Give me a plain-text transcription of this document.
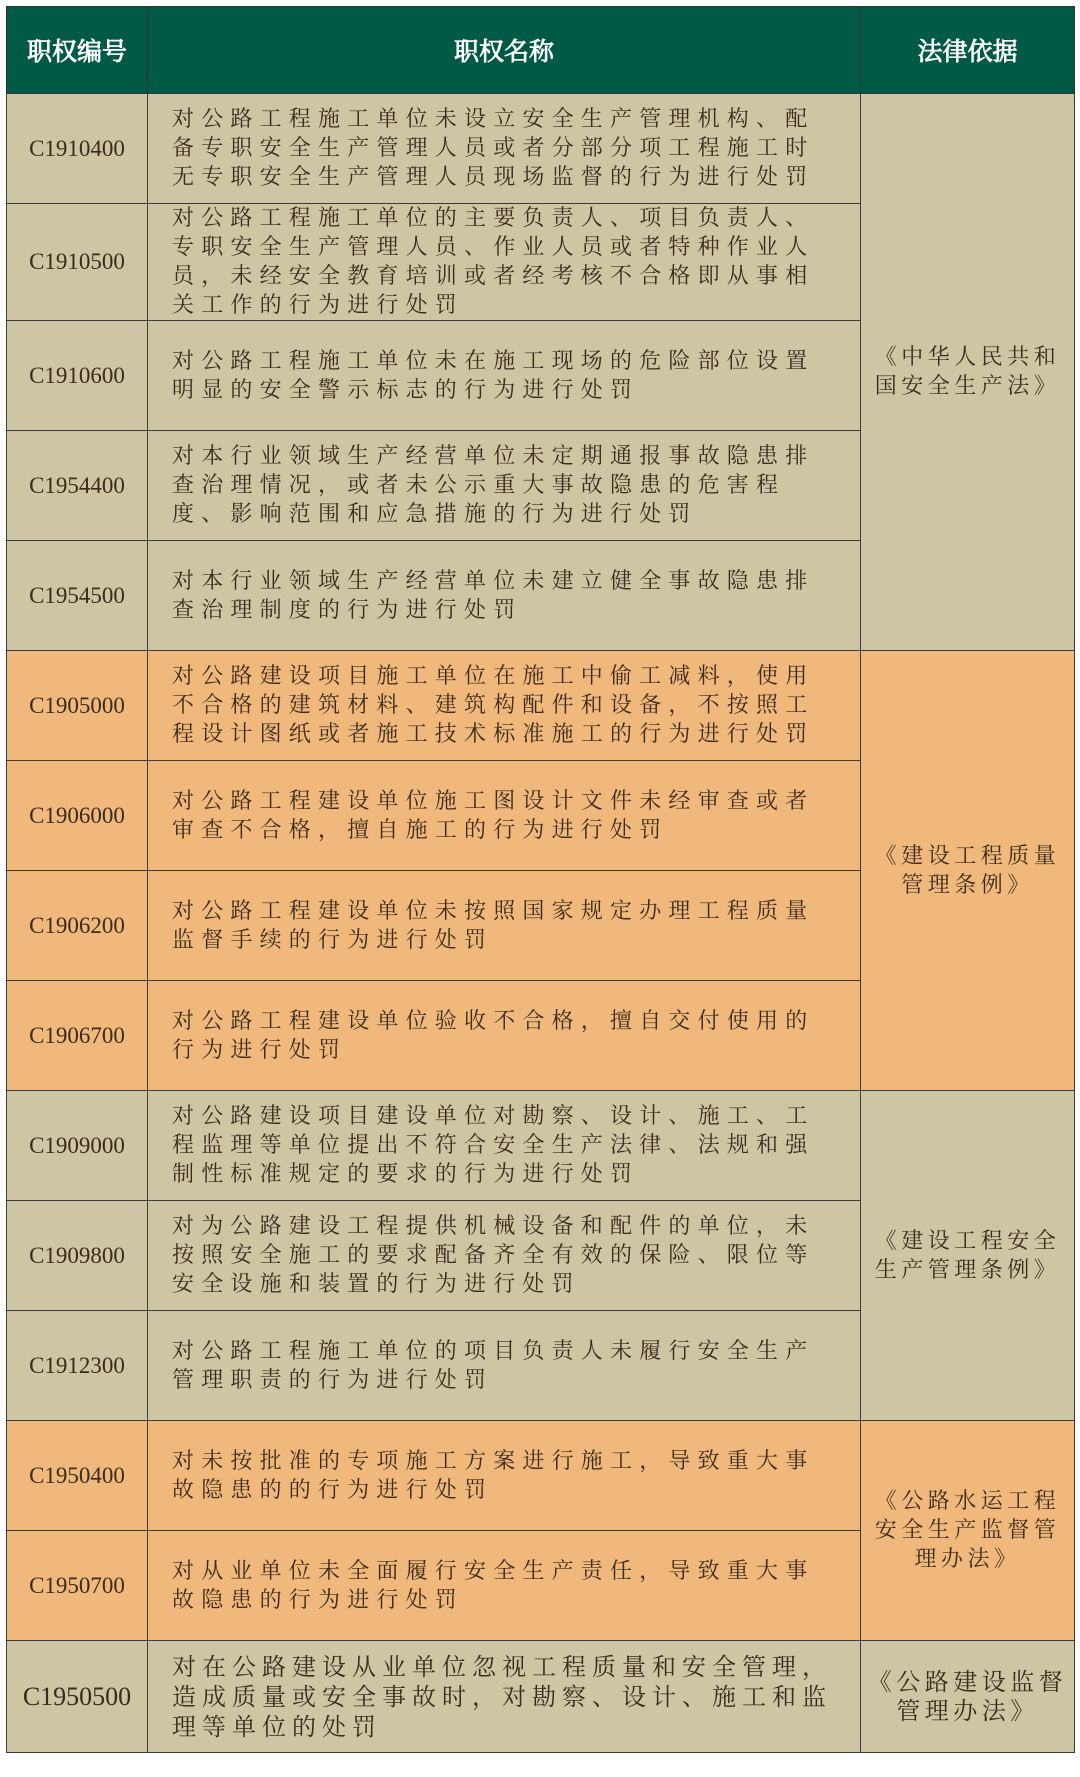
职权编号	职权名称	法律依据
C1910400	对公路工程施工单位未设立安全生产管理机构、配备专职安全生产管理人员或者分部分项工程施工时无专职安全生产管理人员现场监督的行为进行处罚	《中华人民共和国安全生产法》
C1910500	对公路工程施工单位的主要负责人、项目负责人、专职安全生产管理人员、作业人员或者特种作业人员，未经安全教育培训或者经考核不合格即从事相关工作的行为进行处罚	
C1910600	对公路工程施工单位未在施工现场的危险部位设置明显的安全警示标志的行为进行处罚	
C1954400	对本行业领域生产经营单位未定期通报事故隐患排查治理情况，或者未公示重大事故隐患的危害程度、影响范围和应急措施的行为进行处罚	
C1954500	对本行业领域生产经营单位未建立健全事故隐患排查治理制度的行为进行处罚	
C1905000	对公路建设项目施工单位在施工中偷工减料，使用不合格的建筑材料、建筑构配件和设备，不按照工程设计图纸或者施工技术标准施工的行为进行处罚	《建设工程质量管理条例》
C1906000	对公路工程建设单位施工图设计文件未经审查或者审查不合格，擅自施工的行为进行处罚	
C1906200	对公路工程建设单位未按照国家规定办理工程质量监督手续的行为进行处罚	
C1906700	对公路工程建设单位验收不合格，擅自交付使用的行为进行处罚	
C1909000	对公路建设项目建设单位对勘察、设计、施工、工程监理等单位提出不符合安全生产法律、法规和强制性标准规定的要求的行为进行处罚	《建设工程安全生产管理条例》
C1909800	对为公路建设工程提供机械设备和配件的单位，未按照安全施工的要求配备齐全有效的保险、限位等安全设施和装置的行为进行处罚	
C1912300	对公路工程施工单位的项目负责人未履行安全生产管理职责的行为进行处罚	
C1950400	对未按批准的专项施工方案进行施工，导致重大事故隐患的的行为进行处罚	《公路水运工程安全生产监督管理办法》
C1950700	对从业单位未全面履行安全生产责任，导致重大事故隐患的行为进行处罚	
C1950500	对在公路建设从业单位忽视工程质量和安全管理，造成质量或安全事故时，对勘察、设计、施工和监理等单位的处罚	《公路建设监督管理办法》
